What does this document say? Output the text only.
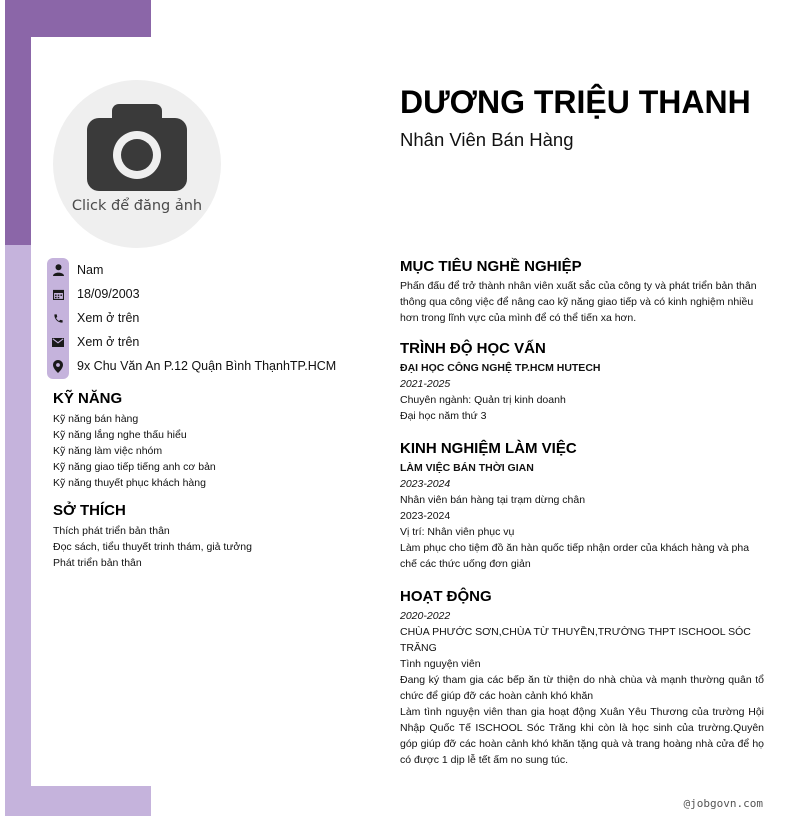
Click để đăng ảnh
DƯƠNG TRIỆU THANH
Nhân Viên Bán Hàng
Nam
18/09/2003
Xem ở trên
Xem ở trên
9x Chu Văn An P.12 Quận Bình ThạnhTP.HCM
KỸ NĂNG
Kỹ năng bán hàng
Kỹ năng lắng nghe thấu hiểu
Kỹ năng làm việc nhóm
Kỹ năng giao tiếp tiếng anh cơ bản
Kỹ năng thuyết phục khách hàng
SỞ THÍCH
Thích phát triển bản thân
Đọc sách, tiểu thuyết trinh thám, giả tưởng
Phát triển bản thân
MỤC TIÊU NGHỀ NGHIỆP
Phấn đấu để trở thành nhân viên xuất sắc của công ty và phát triển bản thân thông qua công việc để nâng cao kỹ năng giao tiếp và có kinh nghiệm nhiều hơn trong lĩnh vực của mình để có thể tiến xa hơn.
TRÌNH ĐỘ HỌC VẤN
ĐẠI HỌC CÔNG NGHỆ TP.HCM HUTECH
2021-2025
Chuyên ngành: Quản trị kinh doanh
Đại học năm thứ 3
KINH NGHIỆM LÀM VIỆC
LÀM VIỆC BÁN THỜI GIAN
2023-2024
Nhân viên bán hàng tại trạm dừng chân
2023-2024
Vị trí: Nhân viên phục vụ
Làm phục cho tiệm đồ ăn hàn quốc tiếp nhận order của khách hàng và pha chế các thức uống đơn giản
HOẠT ĐỘNG
2020-2022
CHÙA PHƯỚC SƠN,CHÙA TỪ THUYỀN,TRƯỜNG THPT ISCHOOL SÓC TRĂNG
Tình nguyện viên
Đang ký tham gia các bếp ăn từ thiện do nhà chùa và mạnh thường quân tổ chức để giúp đỡ các hoàn cảnh khó khăn
Làm tình nguyện viên than gia hoạt động Xuân Yêu Thương của trường Hội Nhập Quốc Tế ISCHOOL Sóc Trăng khi còn là học sinh của trường.Quyên góp giúp đỡ các hoàn cảnh khó khăn tặng quà và trang hoàng nhà cửa để họ có được 1 dịp lễ tết ấm no sung túc.
@jobgovn.com
